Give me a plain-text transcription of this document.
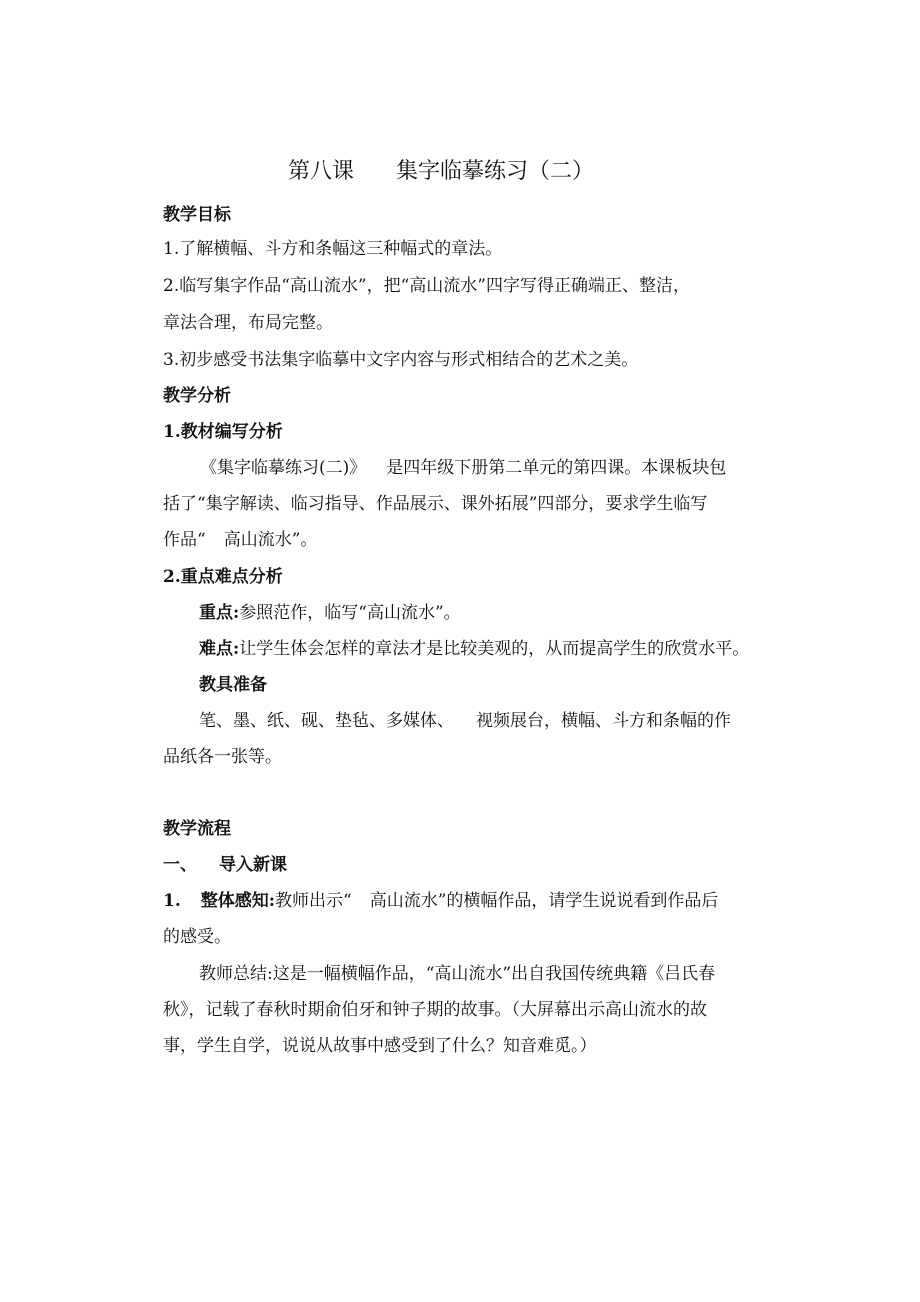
第八课 集字临摹练习（二）
教学目标
1.了解横幅、斗方和条幅这三种幅式的章法。
2.临写集字作品“高山流水”，把“高山流水”四字写得正确端正、整洁，
章法合理，布局完整。
3.初步感受书法集字临摹中文字内容与形式相结合的艺术之美。
教学分析
1.教材编写分析
《集字临摹练习(二)》 是四年级下册第二单元的第四课。本课板块包
括了“集字解读、临习指导、作品展示、课外拓展”四部分，要求学生临写
作品“ 高山流水”。
2.重点难点分析
重点:参照范作，临写“高山流水”。
难点:让学生体会怎样的章法才是比较美观的，从而提高学生的欣赏水平。
教具准备
笔、墨、纸、砚、垫毡、多媒体、 视频展台，横幅、斗方和条幅的作
品纸各一张等。
教学流程
一、 导入新课
1. 整体感知:教师出示“ 高山流水”的横幅作品，请学生说说看到作品后
的感受。
教师总结:这是一幅横幅作品，“高山流水”出自我国传统典籍《吕氏春
秋》，记载了春秋时期俞伯牙和钟子期的故事。（大屏幕出示高山流水的故
事，学生自学，说说从故事中感受到了什么？知音难觅。）
